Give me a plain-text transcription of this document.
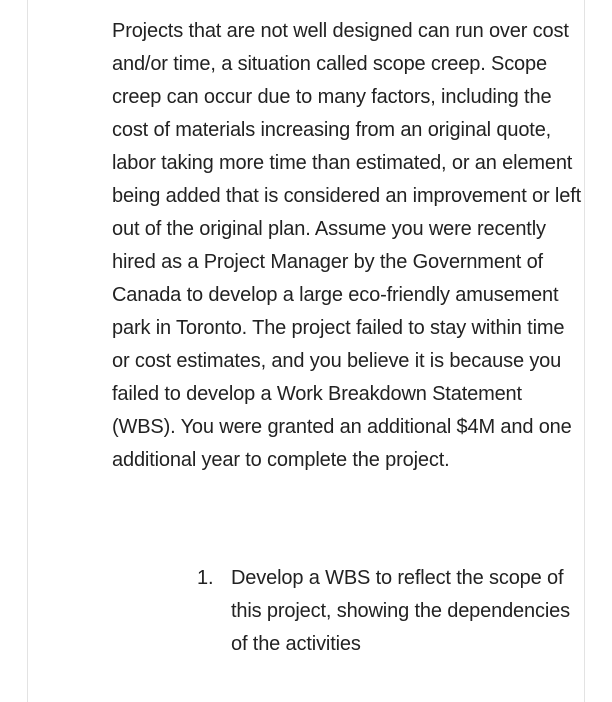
Projects that are not well designed can run over cost and/or time, a situation called scope creep. Scope creep can occur due to many factors, including the cost of materials increasing from an original quote, labor taking more time than estimated, or an element being added that is considered an improvement or left out of the original plan. Assume you were recently hired as a Project Manager by the Government of Canada to develop a large eco-friendly amusement park in Toronto. The project failed to stay within time or cost estimates, and you believe it is because you failed to develop a Work Breakdown Statement (WBS). You were granted an additional $4M and one additional year to complete the project.

1. Develop a WBS to reflect the scope of this project, showing the dependencies of the activities
